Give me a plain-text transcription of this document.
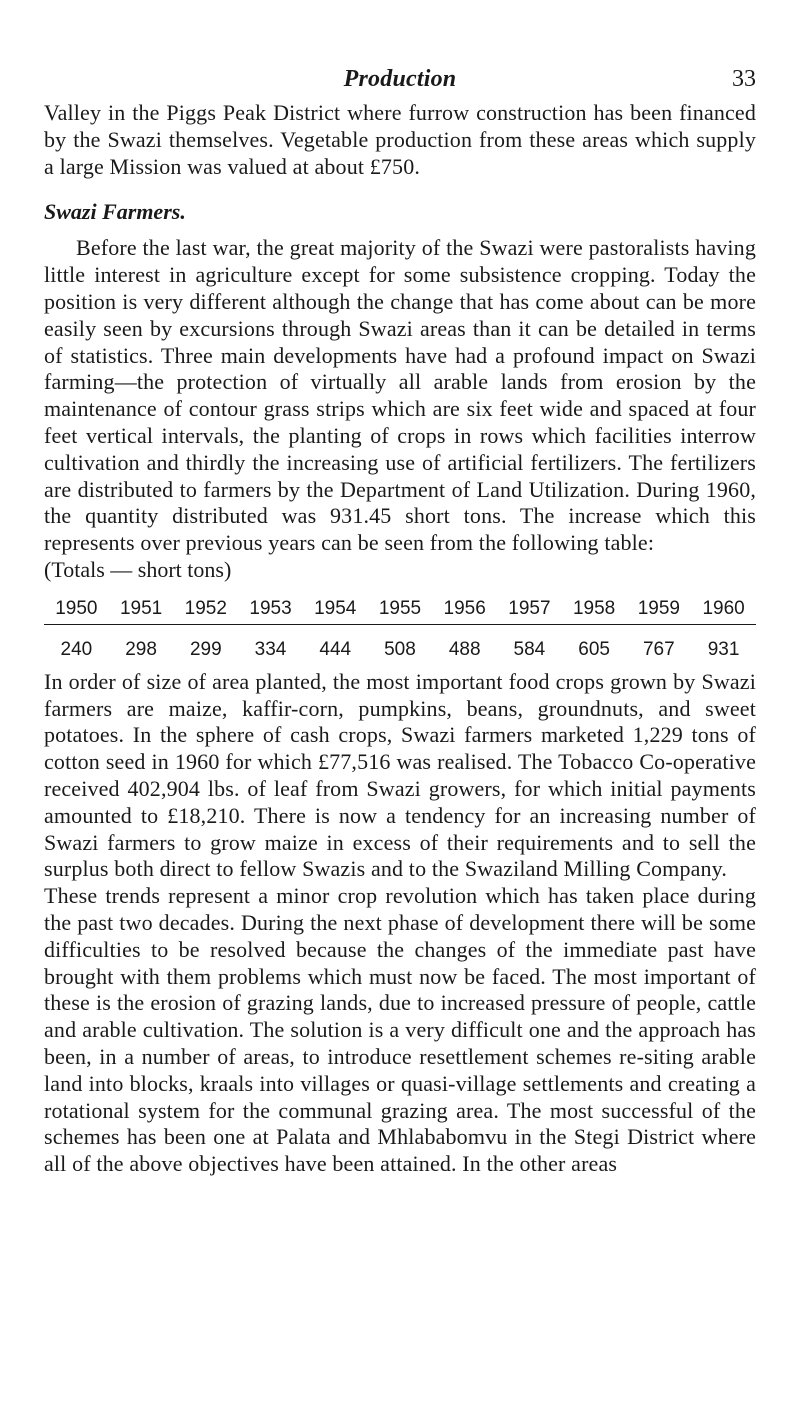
Production	33

Valley in the Piggs Peak District where furrow construction has been financed by the Swazi themselves. Vegetable production from these areas which supply a large Mission was valued at about £750.

Swazi Farmers.

Before the last war, the great majority of the Swazi were pastoralists having little interest in agriculture except for some subsistence cropping. Today the position is very different although the change that has come about can be more easily seen by excursions through Swazi areas than it can be detailed in terms of statistics. Three main developments have had a profound impact on Swazi farming—the protection of virtually all arable lands from erosion by the maintenance of contour grass strips which are six feet wide and spaced at four feet vertical intervals, the planting of crops in rows which facilities interrow cultivation and thirdly the increasing use of artificial fertilizers. The fertilizers are distributed to farmers by the Department of Land Utilization. During 1960, the quantity distributed was 931.45 short tons. The increase which this represents over previous years can be seen from the following table:

(Totals — short tons)

1950	1951	1952	1953	1954	1955	1956	1957	1958	1959	1960
240	298	299	334	444	508	488	584	605	767	931

In order of size of area planted, the most important food crops grown by Swazi farmers are maize, kaffir-corn, pumpkins, beans, groundnuts, and sweet potatoes. In the sphere of cash crops, Swazi farmers marketed 1,229 tons of cotton seed in 1960 for which £77,516 was realised. The Tobacco Co-operative received 402,904 lbs. of leaf from Swazi growers, for which initial payments amounted to £18,210. There is now a tendency for an increasing number of Swazi farmers to grow maize in excess of their requirements and to sell the surplus both direct to fellow Swazis and to the Swaziland Milling Company.

These trends represent a minor crop revolution which has taken place during the past two decades. During the next phase of development there will be some difficulties to be resolved because the changes of the immediate past have brought with them problems which must now be faced. The most important of these is the erosion of grazing lands, due to increased pressure of people, cattle and arable cultivation. The solution is a very difficult one and the approach has been, in a number of areas, to introduce resettlement schemes re-siting arable land into blocks, kraals into villages or quasi-village settlements and creating a rotational system for the communal grazing area. The most successful of the schemes has been one at Palata and Mhlababomvu in the Stegi District where all of the above objectives have been attained. In the other areas
